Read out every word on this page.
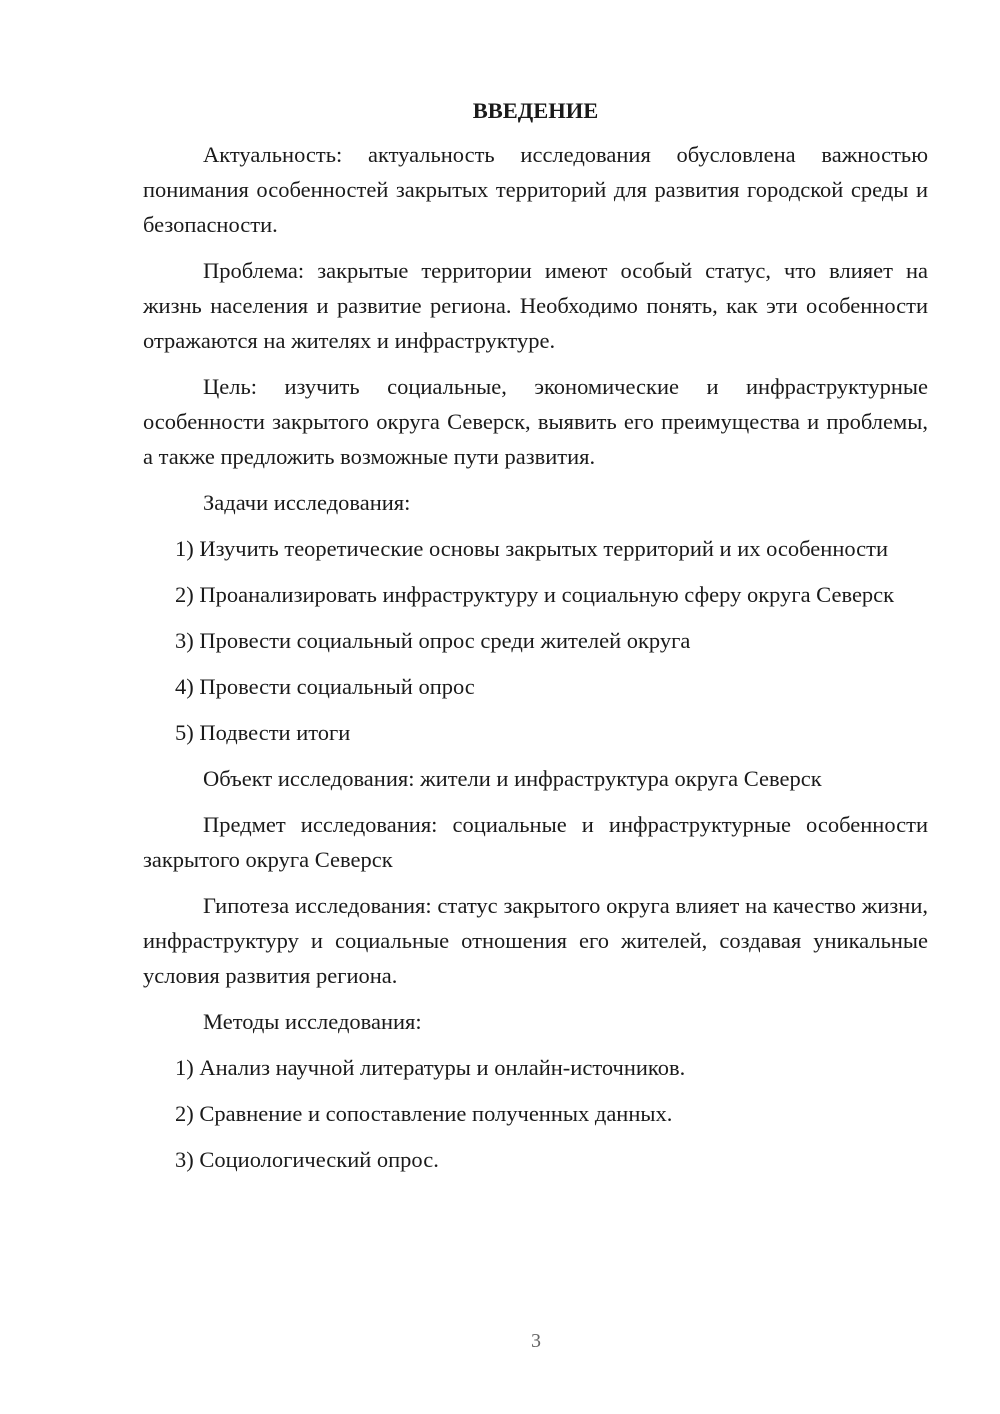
ВВЕДЕНИЕ

Актуальность: актуальность исследования обусловлена важностью понимания особенностей закрытых территорий для развития городской среды и безопасности.

Проблема: закрытые территории имеют особый статус, что влияет на жизнь населения и развитие региона. Необходимо понять, как эти особенности отражаются на жителях и инфраструктуре.

Цель: изучить социальные, экономические и инфраструктурные особенности закрытого округа Северск, выявить его преимущества и проблемы, а также предложить возможные пути развития.

Задачи исследования:

1) Изучить теоретические основы закрытых территорий и их особенности

2) Проанализировать инфраструктуру и социальную сферу округа Северск

3) Провести социальный опрос среди жителей округа

4) Провести социальный опрос

5) Подвести итоги

Объект исследования: жители и инфраструктура округа Северск

Предмет исследования: социальные и инфраструктурные особенности закрытого округа Северск

Гипотеза исследования: статус закрытого округа влияет на качество жизни, инфраструктуру и социальные отношения его жителей, создавая уникальные условия развития региона.

Методы исследования:

1) Анализ научной литературы и онлайн-источников.

2) Сравнение и сопоставление полученных данных.

3) Социологический опрос.

3
